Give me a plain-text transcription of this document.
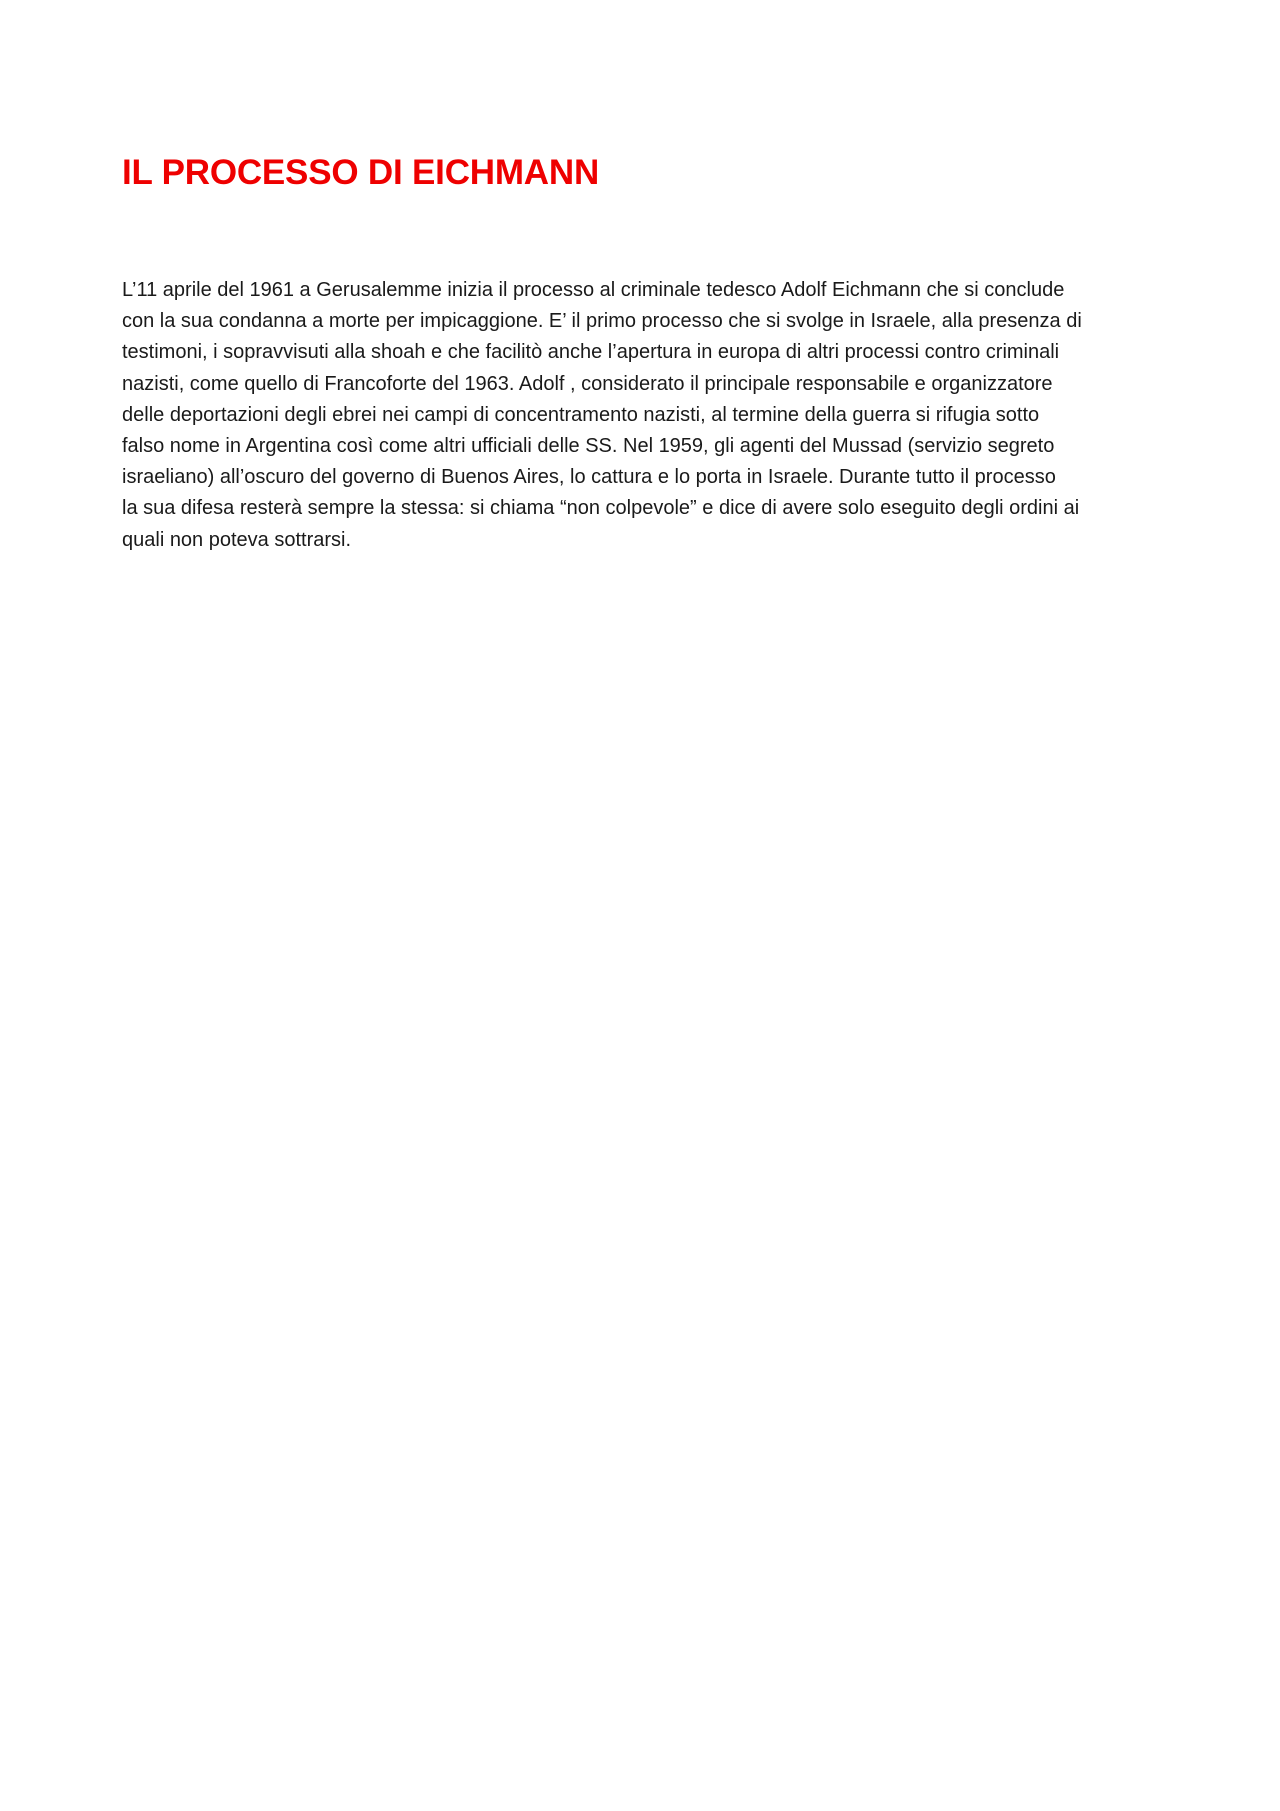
IL PROCESSO DI EICHMANN

L’11 aprile del 1961 a Gerusalemme inizia il processo al criminale tedesco Adolf Eichmann che si conclude
con la sua condanna a morte per impicaggione. E’ il primo processo che si svolge in Israele, alla presenza di
testimoni, i sopravvisuti alla shoah e che facilitò anche l’apertura in europa di altri processi contro criminali
nazisti, come quello di Francoforte del 1963. Adolf , considerato il principale responsabile e organizzatore
delle deportazioni degli ebrei nei campi di concentramento nazisti, al termine della guerra si rifugia sotto
falso nome in Argentina così come altri ufficiali delle SS. Nel 1959, gli agenti del Mussad (servizio segreto
israeliano) all’oscuro del governo di Buenos Aires, lo cattura e lo porta in Israele. Durante tutto il processo
la sua difesa resterà sempre la stessa: si chiama “non colpevole” e dice di avere solo eseguito degli ordini ai
quali non poteva sottrarsi.
